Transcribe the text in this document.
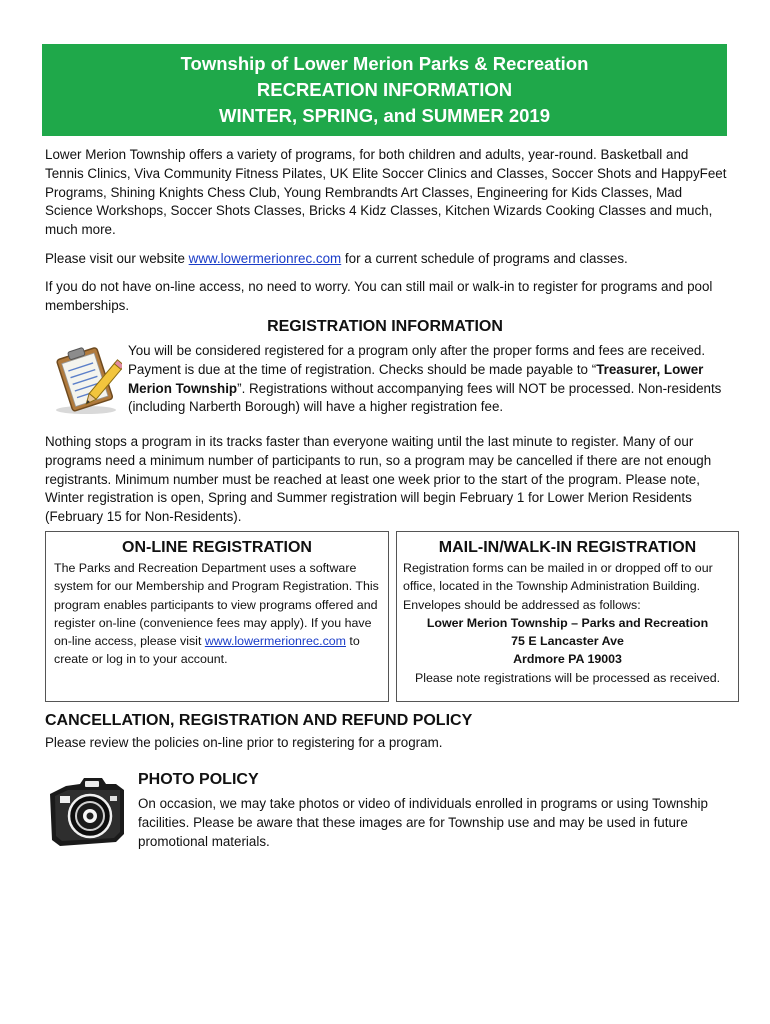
Township of Lower Merion Parks & Recreation
RECREATION INFORMATION
WINTER, SPRING, and SUMMER 2019

Lower Merion Township offers a variety of programs, for both children and adults, year-round. Basketball and Tennis Clinics, Viva Community Fitness Pilates, UK Elite Soccer Clinics and Classes, Soccer Shots and HappyFeet Programs, Shining Knights Chess Club, Young Rembrandts Art Classes, Engineering for Kids Classes, Mad Science Workshops, Soccer Shots Classes, Bricks 4 Kidz Classes, Kitchen Wizards Cooking Classes and much, much more.

Please visit our website www.lowermerionrec.com for a current schedule of programs and classes.

If you do not have on-line access, no need to worry. You can still mail or walk-in to register for programs and pool memberships.

REGISTRATION INFORMATION

You will be considered registered for a program only after the proper forms and fees are received. Payment is due at the time of registration. Checks should be made payable to “Treasurer, Lower Merion Township”. Registrations without accompanying fees will NOT be processed. Non-residents (including Narberth Borough) will have a higher registration fee.

Nothing stops a program in its tracks faster than everyone waiting until the last minute to register. Many of our programs need a minimum number of participants to run, so a program may be cancelled if there are not enough registrants. Minimum number must be reached at least one week prior to the start of the program. Please note, Winter registration is open, Spring and Summer registration will begin February 1 for Lower Merion Residents (February 15 for Non-Residents).

ON-LINE REGISTRATION
The Parks and Recreation Department uses a software system for our Membership and Program Registration. This program enables participants to view programs offered and register on-line (convenience fees may apply). If you have on-line access, please visit www.lowermerionrec.com to create or log in to your account.
MAIL-IN/WALK-IN REGISTRATION
Registration forms can be mailed in or dropped off to our office, located in the Township Administration Building. Envelopes should be addressed as follows:
Lower Merion Township – Parks and Recreation
75 E Lancaster Ave
Ardmore PA 19003
Please note registrations will be processed as received.
CANCELLATION, REGISTRATION AND REFUND POLICY

Please review the policies on-line prior to registering for a program.

PHOTO POLICY

On occasion, we may take photos or video of individuals enrolled in programs or using Township facilities. Please be aware that these images are for Township use and may be used in future promotional materials.
